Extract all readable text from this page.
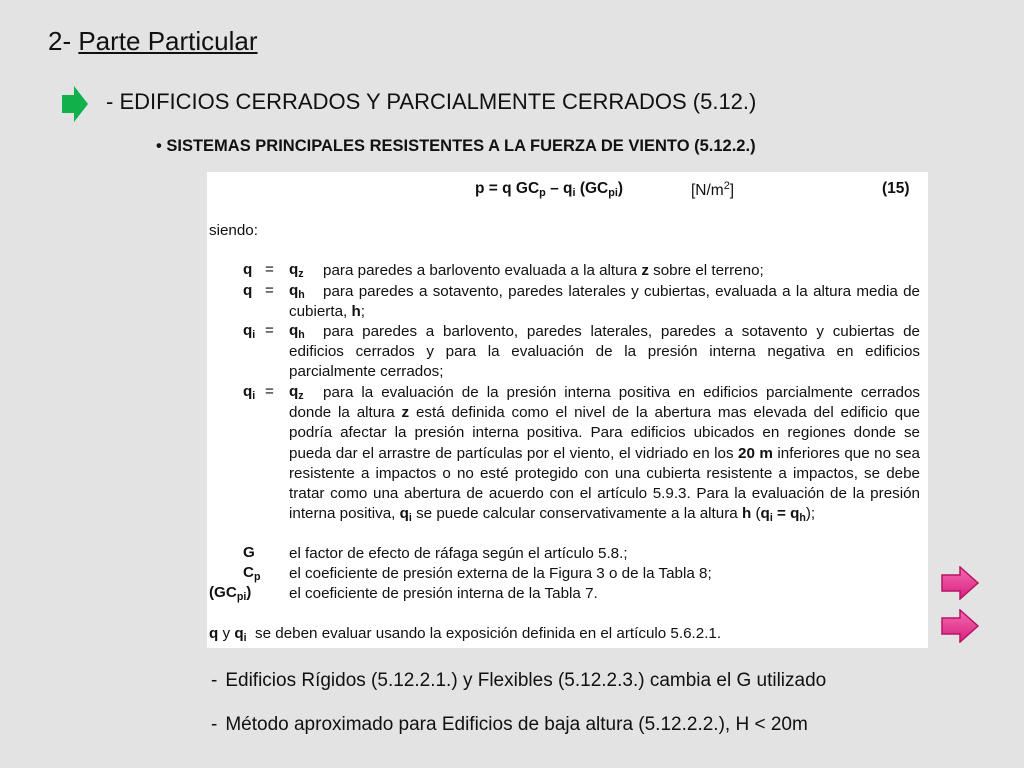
2- Parte Particular
- EDIFICIOS CERRADOS Y PARCIALMENTE CERRADOS (5.12.)
• SISTEMAS PRINCIPALES RESISTENTES A LA FUERZA DE VIENTO (5.12.2.)
p = q $GC_p - q_i$ $(GC_{pi})$	$[N/m^2]$	(15)
siendo:
$q = q_z$	para paredes a barlovento evaluada a la altura z sobre el terreno;
$q = q_h$	para paredes a sotavento, paredes laterales y cubiertas, evaluada a la altura media de cubierta, h;
$q_i = q_h$	para paredes a barlovento, paredes laterales, paredes a sotavento y cubiertas de edificios cerrados y para la evaluación de la presión interna negativa en edificios parcialmente cerrados;
$q_i = q_z$	para la evaluación de la presión interna positiva en edificios parcialmente cerrados donde la altura z está definida como el nivel de la abertura mas elevada del edificio que podría afectar la presión interna positiva. Para edificios ubicados en regiones donde se pueda dar el arrastre de partículas por el viento, el vidriado en los 20 m inferiores que no sea resistente a impactos o no esté protegido con una cubierta resistente a impactos, se debe tratar como una abertura de acuerdo con el artículo 5.9.3. Para la evaluación de la presión interna positiva, $q_i$ se puede calcular conservativamente a la altura h $(q_i = q_h)$;
G el factor de efecto de ráfaga según el artículo 5.8.;
$C_p$ el coeficiente de presión externa de la Figura 3 o de la Tabla 8;
$(GC_{pi})$ el coeficiente de presión interna de la Tabla 7.
q y $q_i$ se deben evaluar usando la exposición definida en el artículo 5.6.2.1.
- Edificios Rígidos (5.12.2.1.) y Flexibles (5.12.2.3.) cambia el G utilizado
- Método aproximado para Edificios de baja altura (5.12.2.2.), H < 20m
